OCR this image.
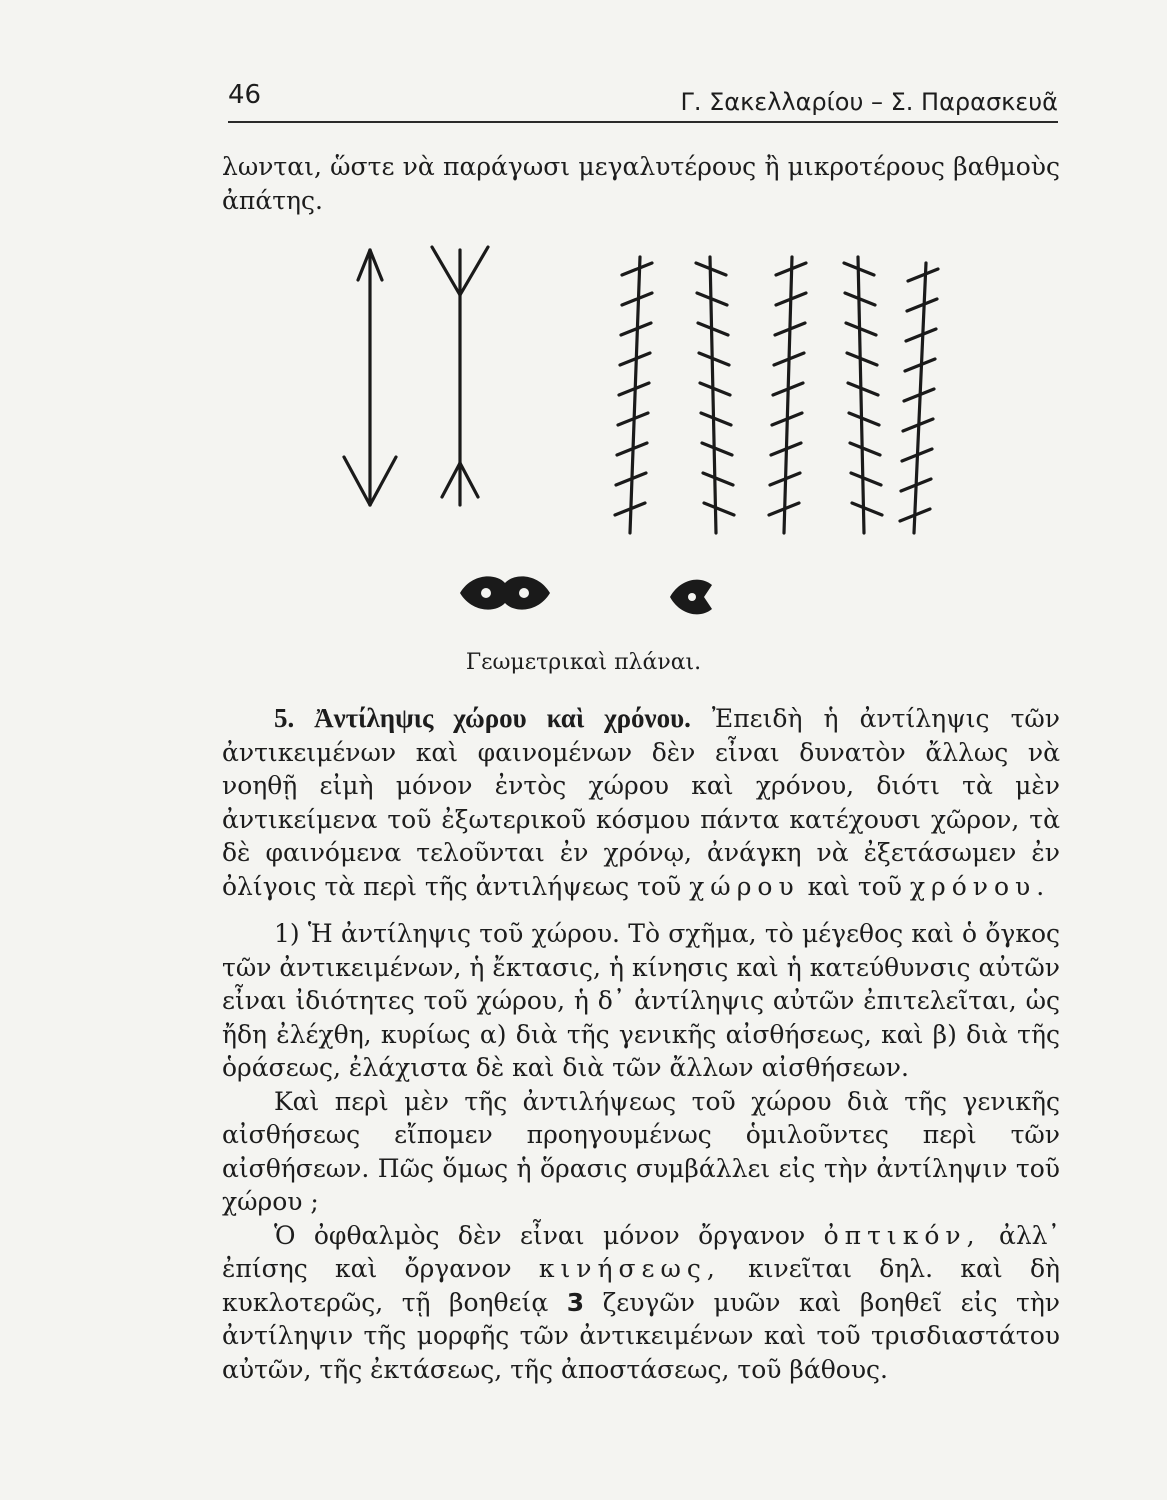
46	Γ. Σακελλαρίου – Σ. Παρασκευᾶ

λωνται, ὥστε νὰ παράγωσι μεγαλυτέρους ἢ μικροτέρους βαθμοὺς ἀπάτης.

Γεωμετρικαὶ πλάναι.

5. Ἀντίληψις χώρου καὶ χρόνου. Ἐπειδὴ ἡ ἀντίληψις τῶν ἀντικειμένων καὶ φαινομένων δὲν εἶναι δυνατὸν ἄλλως νὰ νοηθῇ εἰμὴ μόνον ἐντὸς χώρου καὶ χρόνου, διότι τὰ μὲν ἀντικείμενα τοῦ ἐξωτερικοῦ κόσμου πάντα κατέχουσι χῶρον, τὰ δὲ φαινόμενα τελοῦνται ἐν χρόνῳ, ἀνάγκη νὰ ἐξετάσωμεν ἐν ὀλίγοις τὰ περὶ τῆς ἀντιλήψεως τοῦ χώρου καὶ τοῦ χρόνου.

1) Ἡ ἀντίληψις τοῦ χώρου. Τὸ σχῆμα, τὸ μέγεθος καὶ ὁ ὄγκος τῶν ἀντικειμένων, ἡ ἔκτασις, ἡ κίνησις καὶ ἡ κατεύθυνσις αὐτῶν εἶναι ἰδιότητες τοῦ χώρου, ἡ δ᾽ ἀντίληψις αὐτῶν ἐπιτελεῖται, ὡς ἤδη ἐλέχθη, κυρίως α) διὰ τῆς γενικῆς αἰσθήσεως, καὶ β) διὰ τῆς ὁράσεως, ἐλάχιστα δὲ καὶ διὰ τῶν ἄλλων αἰσθήσεων.

Καὶ περὶ μὲν τῆς ἀντιλήψεως τοῦ χώρου διὰ τῆς γενικῆς αἰσθήσεως εἴπομεν προηγουμένως ὁμιλοῦντες περὶ τῶν αἰσθήσεων. Πῶς ὅμως ἡ ὅρασις συμβάλλει εἰς τὴν ἀντίληψιν τοῦ χώρου ;

Ὁ ὀφθαλμὸς δὲν εἶναι μόνον ὄργανον ὀπτικόν, ἀλλ᾽ ἐπίσης καὶ ὄργανον κινήσεως, κινεῖται δηλ. καὶ δὴ κυκλοτερῶς, τῇ βοηθείᾳ 3 ζευγῶν μυῶν καὶ βοηθεῖ εἰς τὴν ἀντίληψιν τῆς μορφῆς τῶν ἀντικειμένων καὶ τοῦ τρισδιαστάτου αὐτῶν, τῆς ἐκτάσεως, τῆς ἀποστάσεως, τοῦ βάθους.
